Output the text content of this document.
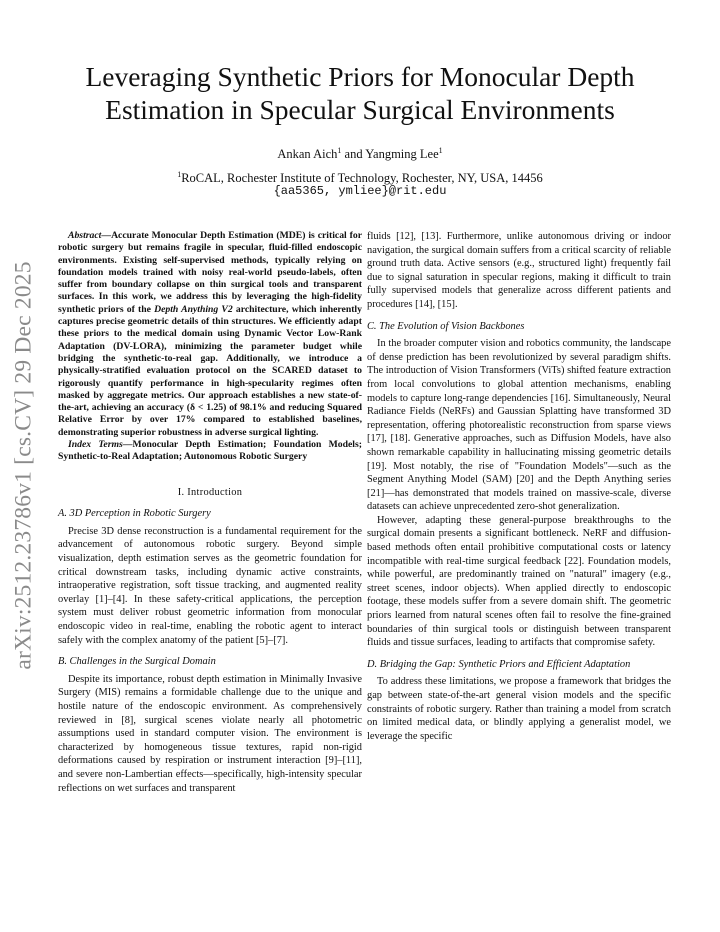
arXiv:2512.23786v1 [cs.CV] 29 Dec 2025
Leveraging Synthetic Priors for Monocular Depth
Estimation in Specular Surgical Environments
Ankan Aich$^1$ and Yangming Lee$^1$
$^1$RoCAL, Rochester Institute of Technology, Rochester, NY, USA, 14456
{aa5365, ymliee}@rit.edu

Abstract—Accurate Monocular Depth Estimation (MDE) is critical for robotic surgery but remains fragile in specular, fluid-filled endoscopic environments. Existing self-supervised methods, typically relying on foundation models trained with noisy real-world pseudo-labels, often suffer from boundary collapse on thin surgical tools and transparent surfaces. In this work, we address this by leveraging the high-fidelity synthetic priors of the Depth Anything V2 architecture, which inherently captures precise geometric details of thin structures. We efficiently adapt these priors to the medical domain using Dynamic Vector Low-Rank Adaptation (DV-LORA), minimizing the parameter budget while bridging the synthetic-to-real gap. Additionally, we introduce a physically-stratified evaluation protocol on the SCARED dataset to rigorously quantify performance in high-specularity regimes often masked by aggregate metrics. Our approach establishes a new state-of-the-art, achieving an accuracy (δ < 1.25) of 98.1% and reducing Squared Relative Error by over 17% compared to established baselines, demonstrating superior robustness in adverse surgical lighting.

Index Terms—Monocular Depth Estimation; Foundation Models; Synthetic-to-Real Adaptation; Autonomous Robotic Surgery

I. Introduction
A. 3D Perception in Robotic Surgery

Precise 3D dense reconstruction is a fundamental requirement for the advancement of autonomous robotic surgery. Beyond simple visualization, depth estimation serves as the geometric foundation for critical downstream tasks, including dynamic active constraints, intraoperative registration, soft tissue tracking, and augmented reality overlay [1]–[4]. In these safety-critical applications, the perception system must deliver robust geometric information from monocular endoscopic video in real-time, enabling the robotic agent to interact safely with the complex anatomy of the patient [5]–[7].

B. Challenges in the Surgical Domain

Despite its importance, robust depth estimation in Minimally Invasive Surgery (MIS) remains a formidable challenge due to the unique and hostile nature of the endoscopic environment. As comprehensively reviewed in [8], surgical scenes violate nearly all photometric assumptions used in standard computer vision. The environment is characterized by homogeneous tissue textures, rapid non-rigid deformations caused by respiration or instrument interaction [9]–[11], and severe non-Lambertian effects—specifically, high-intensity specular reflections on wet surfaces and transparent

fluids [12], [13]. Furthermore, unlike autonomous driving or indoor navigation, the surgical domain suffers from a critical scarcity of reliable ground truth data. Active sensors (e.g., structured light) frequently fail due to signal saturation in specular regions, making it difficult to train fully supervised models that generalize across different patients and procedures [14], [15].

C. The Evolution of Vision Backbones

In the broader computer vision and robotics community, the landscape of dense prediction has been revolutionized by several paradigm shifts. The introduction of Vision Transformers (ViTs) shifted feature extraction from local convolutions to global attention mechanisms, enabling models to capture long-range dependencies [16]. Simultaneously, Neural Radiance Fields (NeRFs) and Gaussian Splatting have transformed 3D representation, offering photorealistic reconstruction from sparse views [17], [18]. Generative approaches, such as Diffusion Models, have also shown remarkable capability in hallucinating missing geometric details [19]. Most notably, the rise of "Foundation Models"—such as the Segment Anything Model (SAM) [20] and the Depth Anything series [21]—has demonstrated that models trained on massive-scale, diverse datasets can achieve unprecedented zero-shot generalization.

However, adapting these general-purpose breakthroughs to the surgical domain presents a significant bottleneck. NeRF and diffusion-based methods often entail prohibitive computational costs or latency incompatible with real-time surgical feedback [22]. Foundation models, while powerful, are predominantly trained on "natural" imagery (e.g., street scenes, indoor objects). When applied directly to endoscopic footage, these models suffer from a severe domain shift. The geometric priors learned from natural scenes often fail to resolve the fine-grained boundaries of thin surgical tools or distinguish between transparent fluids and tissue surfaces, leading to artifacts that compromise safety.

D. Bridging the Gap: Synthetic Priors and Efficient Adaptation

To address these limitations, we propose a framework that bridges the gap between state-of-the-art general vision models and the specific constraints of robotic surgery. Rather than training a model from scratch on limited medical data, or blindly applying a generalist model, we leverage the specific
